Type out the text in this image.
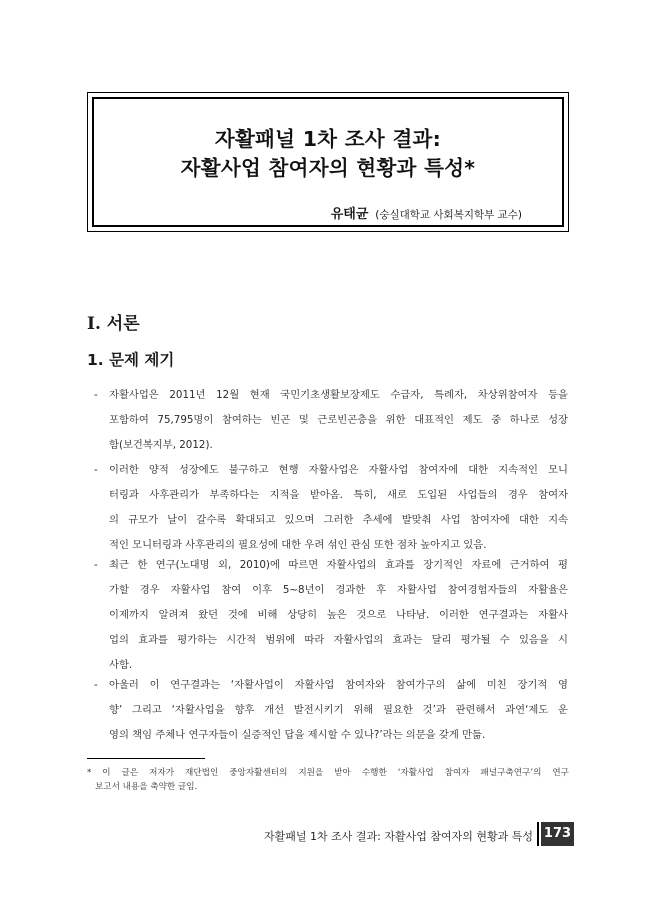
자활패널 1차 조사 결과:
자활사업 참여자의 현황과 특성*
유태균 (숭실대학교 사회복지학부 교수)
I. 서론
1. 문제 제기
-	자활사업은 2011년 12월 현재 국민기초생활보장제도 수급자, 특례자, 차상위참여자 등을
포함하여 75,795명이 참여하는 빈곤 및 근로빈곤층을 위한 대표적인 제도 중 하나로 성장
함(보건복지부, 2012).
-	이러한 양적 성장에도 불구하고 현행 자활사업은 자활사업 참여자에 대한 지속적인 모니
터링과 사후관리가 부족하다는 지적을 받아옴. 특히, 새로 도입된 사업들의 경우 참여자
의 규모가 날이 갈수록 확대되고 있으며 그러한 추세에 발맞춰 사업 참여자에 대한 지속
적인 모니터링과 사후관리의 필요성에 대한 우려 섞인 관심 또한 점차 높아지고 있음.
-	최근 한 연구(노대명 외, 2010)에 따르면 자활사업의 효과를 장기적인 자료에 근거하여 평
가할 경우 자활사업 참여 이후 5~8년이 경과한 후 자활사업 참여경험자들의 자활율은
이제까지 알려져 왔던 것에 비해 상당히 높은 것으로 나타남. 이러한 연구결과는 자활사
업의 효과를 평가하는 시간적 범위에 따라 자활사업의 효과는 달리 평가될 수 있음을 시
사함.
-	아울러 이 연구결과는 ‘자활사업이 자활사업 참여자와 참여가구의 삶에 미친 장기적 영
향’ 그리고 ‘자활사업을 향후 개선 발전시키기 위해 필요한 것’과 관련해서 과연‘제도 운
영의 책임 주체나 연구자들이 실증적인 답을 제시할 수 있나?’라는 의문을 갖게 만듦.
* 이 글은 저자가 재단법인 중앙자활센터의 지원을 받아 수행한 ‘자활사업 참여자 패널구축연구’의 연구
보고서 내용을 축약한 글임.
자활패널 1차 조사 결과: 자활사업 참여자의 현황과 특성 173
